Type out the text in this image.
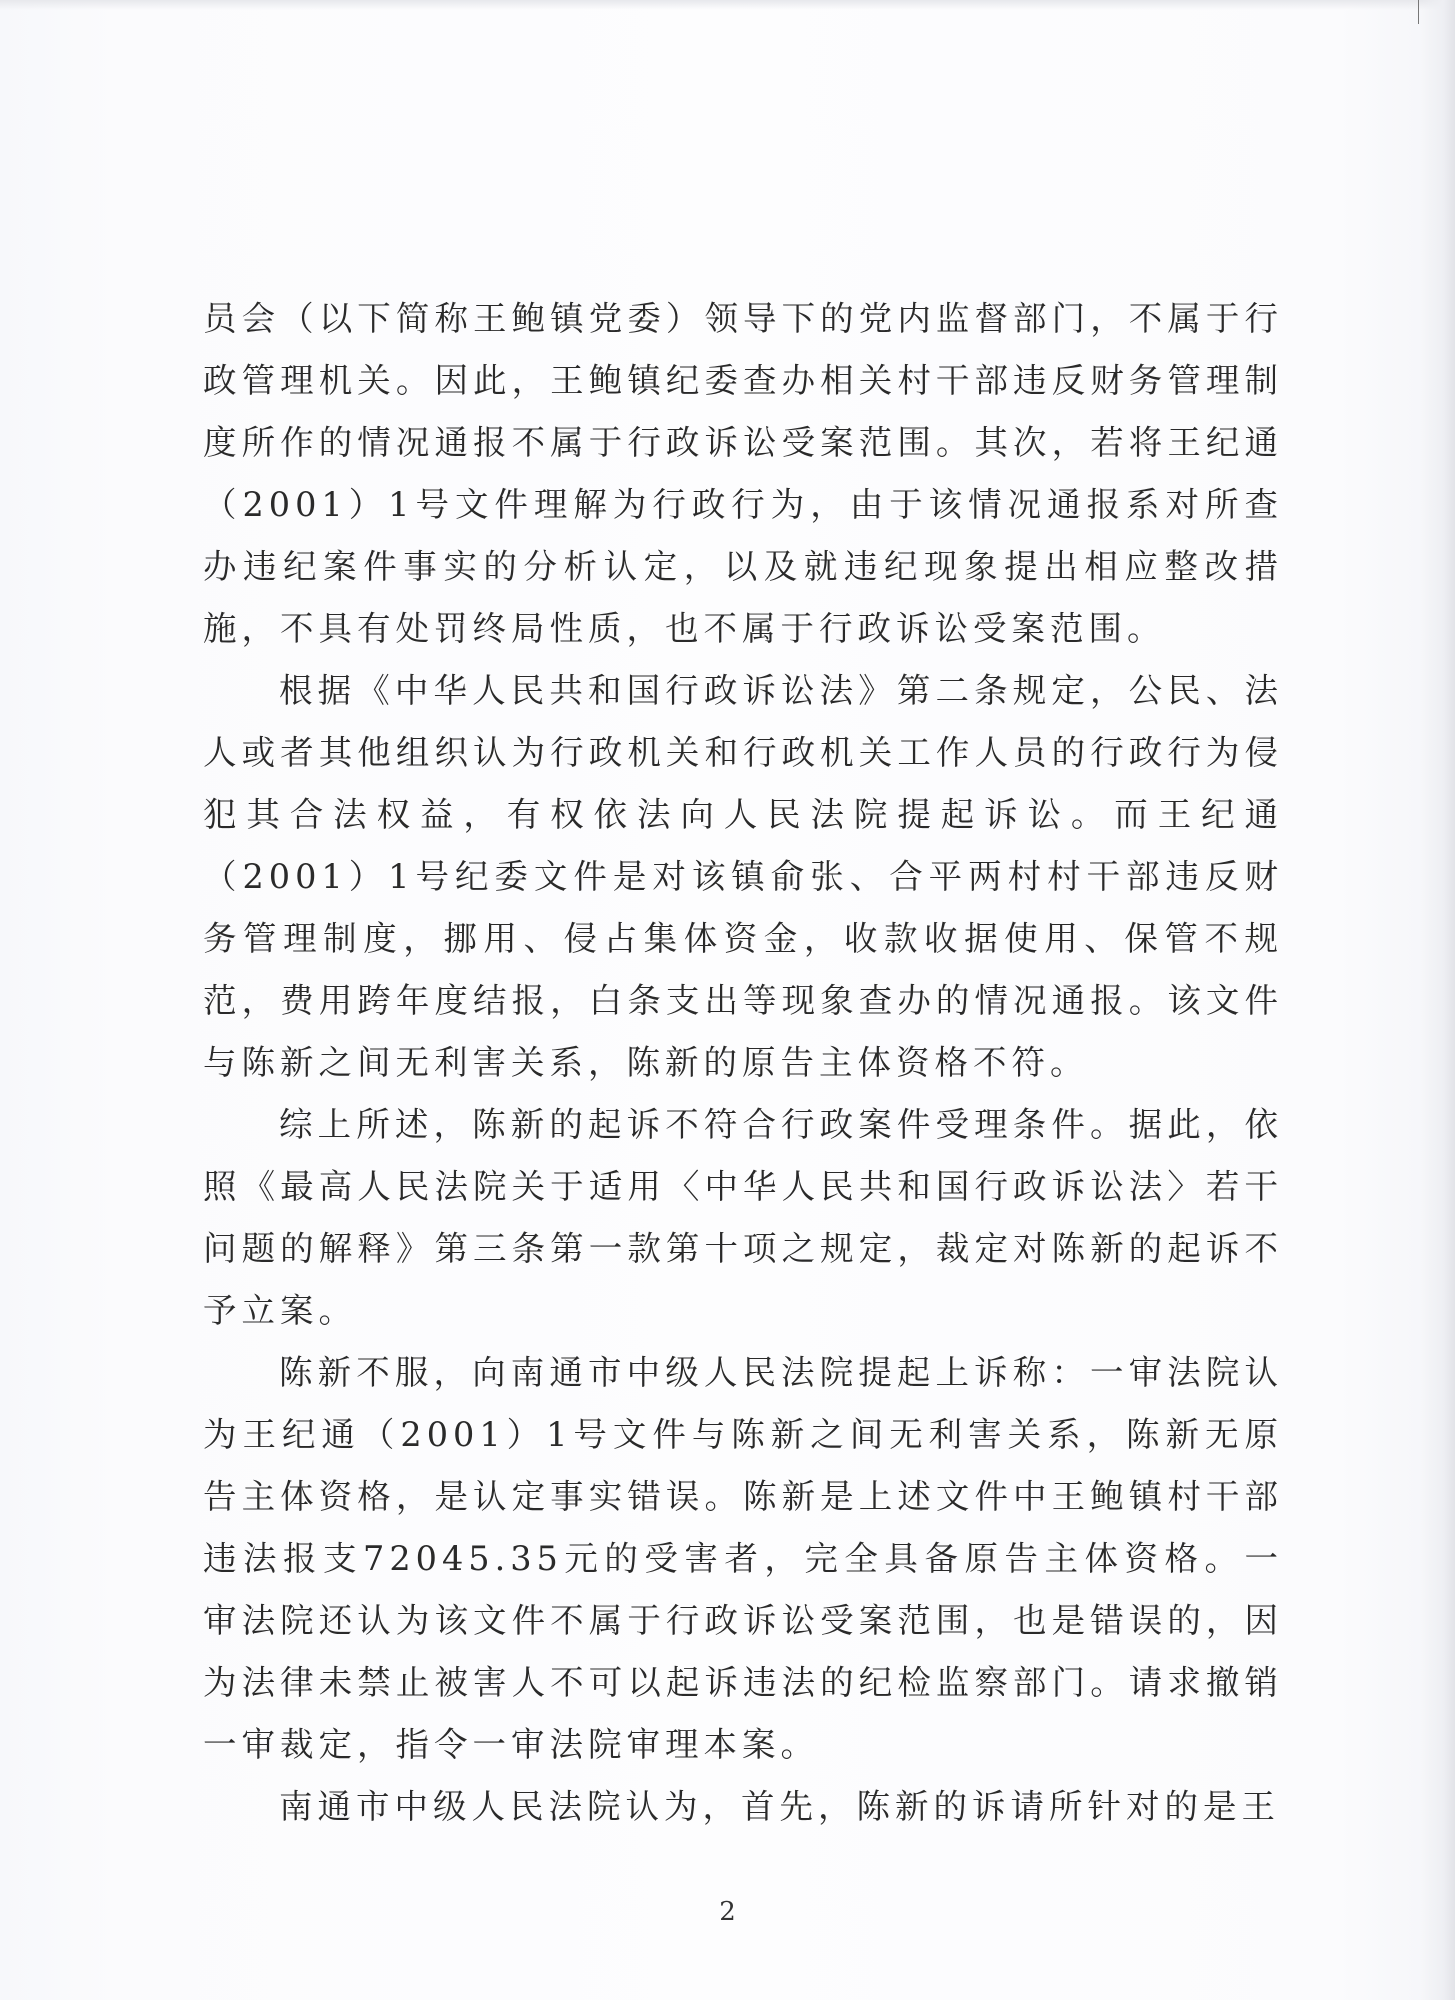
员会（以下简称王鲍镇党委）领导下的党内监督部门，不属于行政管理机关。因此，王鲍镇纪委查办相关村干部违反财务管理制度所作的情况通报不属于行政诉讼受案范围。其次，若将王纪通（2001）1号文件理解为行政行为，由于该情况通报系对所查办违纪案件事实的分析认定，以及就违纪现象提出相应整改措施，不具有处罚终局性质，也不属于行政诉讼受案范围。

根据《中华人民共和国行政诉讼法》第二条规定，公民、法人或者其他组织认为行政机关和行政机关工作人员的行政行为侵犯其合法权益，有权依法向人民法院提起诉讼。而王纪通（2001）1号纪委文件是对该镇俞张、合平两村村干部违反财务管理制度，挪用、侵占集体资金，收款收据使用、保管不规范，费用跨年度结报，白条支出等现象查办的情况通报。该文件与陈新之间无利害关系，陈新的原告主体资格不符。

综上所述，陈新的起诉不符合行政案件受理条件。据此，依照《最高人民法院关于适用〈中华人民共和国行政诉讼法〉若干问题的解释》第三条第一款第十项之规定，裁定对陈新的起诉不予立案。

陈新不服，向南通市中级人民法院提起上诉称：一审法院认为王纪通（2001）1号文件与陈新之间无利害关系，陈新无原告主体资格，是认定事实错误。陈新是上述文件中王鲍镇村干部违法报支72045.35元的受害者，完全具备原告主体资格。一审法院还认为该文件不属于行政诉讼受案范围，也是错误的，因为法律未禁止被害人不可以起诉违法的纪检监察部门。请求撤销一审裁定，指令一审法院审理本案。

南通市中级人民法院认为，首先，陈新的诉请所针对的是王

2
